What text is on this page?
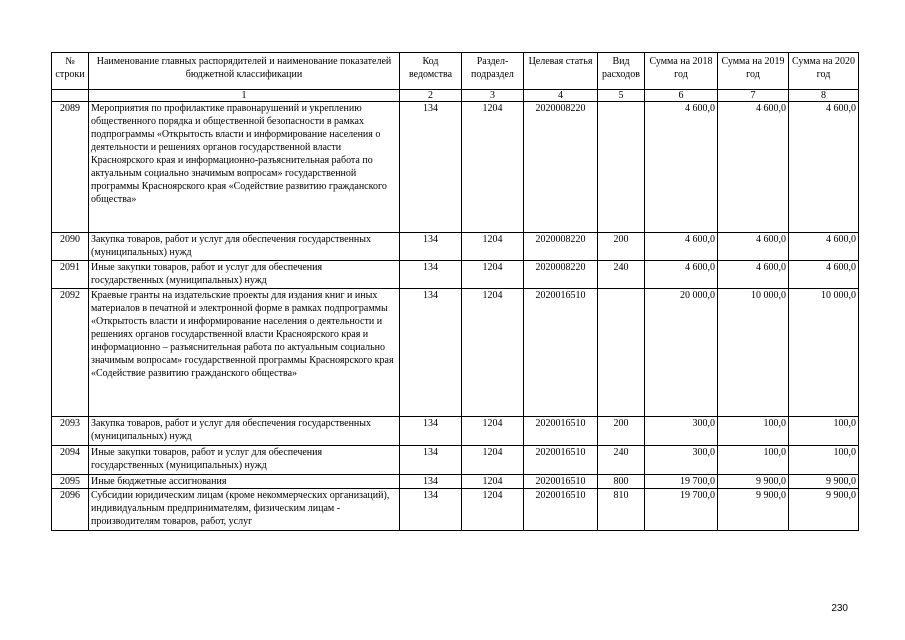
№ строки	Наименование главных распорядителей и наименование показателей бюджетной классификации	Код ведомства	Раздел-подраздел	Целевая статья	Вид расходов	Сумма на 2018 год	Сумма на 2019 год	Сумма на 2020 год
	1	2	3	4	5	6	7	8
2089	Мероприятия по профилактике правонарушений и укреплению общественного порядка и общественной безопасности в рамках подпрограммы «Открытость власти и информирование населения о деятельности и решениях органов государственной власти Красноярского края и информационно-разъяснительная работа по актуальным социально значимым вопросам» государственной программы Красноярского края «Содействие развитию гражданского общества»	134	1204	2020008220		4 600,0	4 600,0	4 600,0
2090	Закупка товаров, работ и услуг для обеспечения государственных (муниципальных) нужд	134	1204	2020008220	200	4 600,0	4 600,0	4 600,0
2091	Иные закупки товаров, работ и услуг для обеспечения государственных (муниципальных) нужд	134	1204	2020008220	240	4 600,0	4 600,0	4 600,0
2092	Краевые гранты на издательские проекты для издания книг и иных материалов в печатной и электронной форме в рамках подпрограммы «Открытость власти и информирование населения о деятельности и решениях органов государственной власти Красноярского края и информационно – разъяснительная работа по актуальным социально значимым вопросам» государственной программы Красноярского края «Содействие развитию гражданского общества»	134	1204	2020016510		20 000,0	10 000,0	10 000,0
2093	Закупка товаров, работ и услуг для обеспечения государственных (муниципальных) нужд	134	1204	2020016510	200	300,0	100,0	100,0
2094	Иные закупки товаров, работ и услуг для обеспечения государственных (муниципальных) нужд	134	1204	2020016510	240	300,0	100,0	100,0
2095	Иные бюджетные ассигнования	134	1204	2020016510	800	19 700,0	9 900,0	9 900,0
2096	Субсидии юридическим лицам (кроме некоммерческих организаций), индивидуальным предпринимателям, физическим лицам - производителям товаров, работ, услуг	134	1204	2020016510	810	19 700,0	9 900,0	9 900,0
230
